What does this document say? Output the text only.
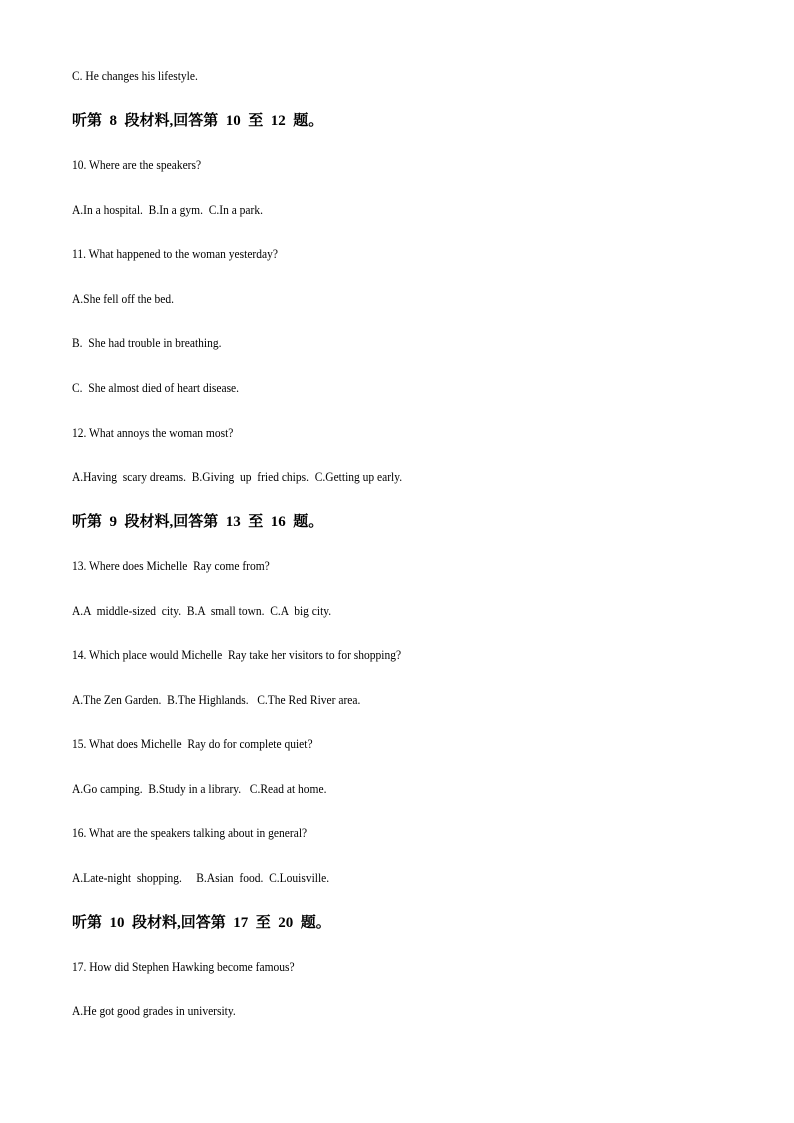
C. He changes his lifestyle.
听第  8  段材料,回答第  10  至  12  题。
10. Where are the speakers?
A.In a hospital.  B.In a gym.  C.In a park.
11. What happened to the woman yesterday?
A.She fell off the bed.
B.  She had trouble in breathing.
C.  She almost died of heart disease.
12. What annoys the woman most?
A.Having  scary dreams.  B.Giving  up  fried chips.  C.Getting up early.
听第  9  段材料,回答第  13  至  16  题。
13. Where does Michelle  Ray come from?
A.A  middle-sized  city.  B.A  small town.  C.A  big city.
14. Which place would Michelle  Ray take her visitors to for shopping?
A.The Zen Garden.  B.The Highlands.   C.The Red River area.
15. What does Michelle  Ray do for complete quiet?
A.Go camping.  B.Study in a library.   C.Read at home.
16. What are the speakers talking about in general?
A.Late-night  shopping.     B.Asian  food.  C.Louisville.
听第  10  段材料,回答第  17  至  20  题。
17. How did Stephen Hawking become famous?
A.He got good grades in university.
